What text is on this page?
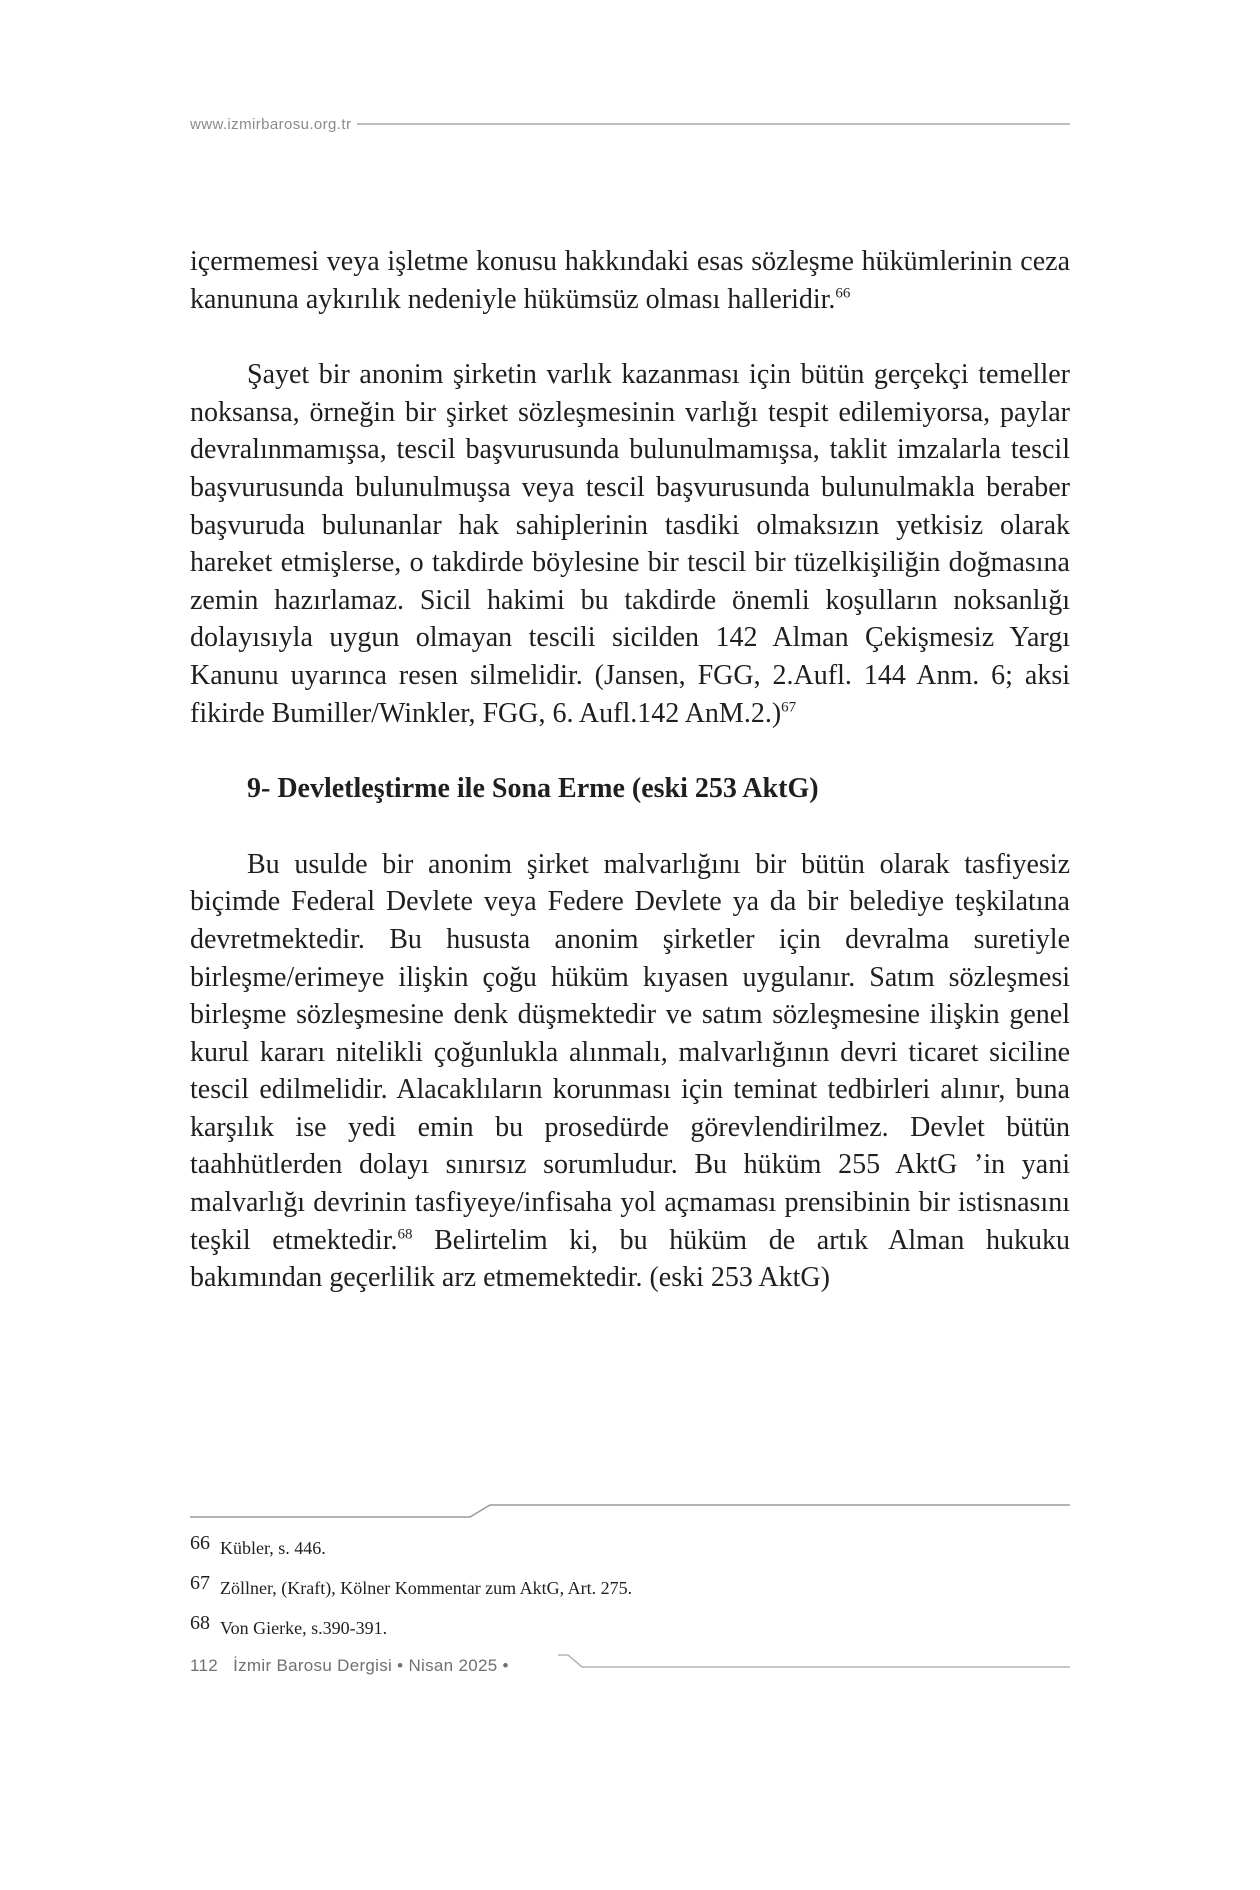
www.izmirbarosu.org.tr

içermemesi veya işletme konusu hakkındaki esas sözleşme hükümlerinin ceza kanununa aykırılık nedeniyle hükümsüz olması halleridir.$^{66}$

Şayet bir anonim şirketin varlık kazanması için bütün gerçekçi temeller noksansa, örneğin bir şirket sözleşmesinin varlığı tespit edilemiyorsa, paylar devralınmamışsa, tescil başvurusunda bulunulmamışsa, taklit imzalarla tescil başvurusunda bulunulmuşsa veya tescil başvurusunda bulunulmakla beraber başvuruda bulunanlar hak sahiplerinin tasdiki olmaksızın yetkisiz olarak hareket etmişlerse, o takdirde böylesine bir tescil bir tüzelkişiliğin doğmasına zemin hazırlamaz. Sicil hakimi bu takdirde önemli koşulların noksanlığı dolayısıyla uygun olmayan tescili sicilden 142 Alman Çekişmesiz Yargı Kanunu uyarınca resen silmelidir. (Jansen, FGG, 2.Aufl. 144 Anm. 6; aksi fikirde Bumiller/Winkler, FGG, 6. Aufl.142 AnM.2.)$^{67}$

9- Devletleştirme ile Sona Erme (eski 253 AktG)

Bu usulde bir anonim şirket malvarlığını bir bütün olarak tasfiyesiz biçimde Federal Devlete veya Federe Devlete ya da bir belediye teşkilatına devretmektedir. Bu hususta anonim şirketler için devralma suretiyle birleşme/erimeye ilişkin çoğu hüküm kıyasen uygulanır. Satım sözleşmesi birleşme sözleşmesine denk düşmektedir ve satım sözleşmesine ilişkin genel kurul kararı nitelikli çoğunlukla alınmalı, malvarlığının devri ticaret siciline tescil edilmelidir. Alacaklıların korunması için teminat tedbirleri alınır, buna karşılık ise yedi emin bu prosedürde görevlendirilmez. Devlet bütün taahhütlerden dolayı sınırsız sorumludur. Bu hüküm 255 AktG ’in yani malvarlığı devrinin tasfiyeye/infisaha yol açmaması prensibinin bir istisnasını teşkil etmektedir.$^{68}$ Belirtelim ki, bu hüküm de artık Alman hukuku bakımından geçerlilik arz etmemektedir. (eski 253 AktG)

66 Kübler, s. 446.
67 Zöllner, (Kraft), Kölner Kommentar zum AktG, Art. 275.
68 Von Gierke, s.390-391.
112 İzmir Barosu Dergisi • Nisan 2025 •
